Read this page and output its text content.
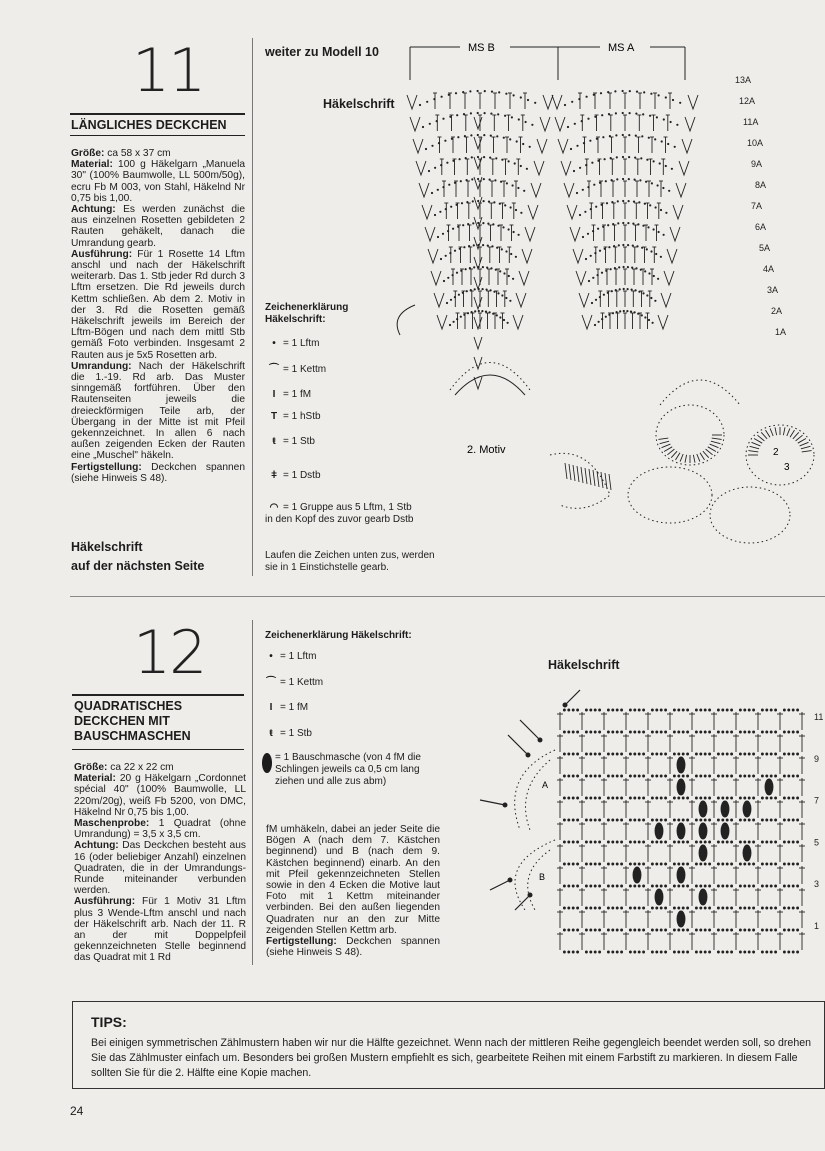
11
LÄNGLICHES DECKCHEN
Größe: ca 58 x 37 cm
Material: 100 g Häkelgarn „Manuela 30" (100% Baumwolle, LL 500m/50g), ecru Fb M 003, von Stahl, Häkelnd Nr 0,75 bis 1,00.
Achtung: Es werden zunächst die aus einzelnen Rosetten gebildeten 2 Rauten gehäkelt, danach die Umrandung gearb.
Ausführung: Für 1 Rosette 14 Lftm anschl und nach der Häkelschrift weiterarb. Das 1. Stb jeder Rd durch 3 Lftm ersetzen. Die Rd jeweils durch Kettm schließen. Ab dem 2. Motiv in der 3. Rd die Rosetten gemäß Häkelschrift jeweils im Bereich der Lftm-Bögen und nach dem mittl Stb gemäß Foto verbinden. Insgesamt 2 Rauten aus je 5x5 Rosetten arb.
Umrandung: Nach der Häkelschrift die 1.-19. Rd arb. Das Muster sinngemäß fortführen. Über den Rautenseiten jeweils die dreieckförmigen Teile arb, der Übergang in der Mitte ist mit Pfeil gekennzeichnet. In allen 6 nach außen zeigenden Ecken der Rauten eine „Muschel" häkeln.
Fertigstellung: Deckchen spannen (siehe Hinweis S 48).
Häkelschrift
auf der nächsten Seite
weiter zu Modell 10
Häkelschrift
MS B	MS A
1A
2A
3A
4A
5A
6A
7A
8A
9A
10A
11A
12A
13A
2. Motiv	2
3
Zeichenerklärung Häkelschrift:
• = 1 Lftm
⌒ = 1 Kettm
I = 1 fM
T = 1 hStb
ŧ = 1 Stb
ǂ = 1 Dstb
◠ = 1 Gruppe aus 5 Lftm, 1 Stb in den Kopf des zuvor gearb Dstb
Laufen die Zeichen unten zus, werden sie in 1 Einstichstelle gearb.
12
QUADRATISCHES
DECKCHEN MIT
BAUSCHMASCHEN
Größe: ca 22 x 22 cm
Material: 20 g Häkelgarn „Cordonnet spécial 40" (100% Baumwolle, LL 220m/20g), weiß Fb 5200, von DMC, Häkelnd Nr 0,75 bis 1,00.
Maschenprobe: 1 Quadrat (ohne Umrandung) = 3,5 x 3,5 cm.
Achtung: Das Deckchen besteht aus 16 (oder beliebiger Anzahl) einzelnen Quadraten, die in der Umrandungs-Runde miteinander verbunden werden.
Ausführung: Für 1 Motiv 31 Lftm plus 3 Wende-Lftm anschl und nach der Häkelschrift arb. Nach der 11. R an der mit Doppelpfeil gekennzeichneten Stelle beginnend das Quadrat mit 1 Rd
Zeichenerklärung Häkelschrift:
• = 1 Lftm
⌒ = 1 Kettm
I = 1 fM
ŧ = 1 Stb
= 1 Bauschmasche (von 4 fM die Schlingen jeweils ca 0,5 cm lang ziehen und alle zus abm)
fM umhäkeln, dabei an jeder Seite die Bögen A (nach dem 7. Kästchen beginnend) und B (nach dem 9. Kästchen beginnend) einarb. An den mit Pfeil gekennzeichneten Stellen sowie in den 4 Ecken die Motive laut Foto mit 1 Kettm miteinander verbinden. Bei den außen liegenden Quadraten nur an den zur Mitte zeigenden Stellen Kettm arb.
Fertigstellung: Deckchen spannen (siehe Hinweis S 48).
Häkelschrift
11
9
7
5
3
1
B
A
TIPS:
Bei einigen symmetrischen Zählmustern haben wir nur die Hälfte gezeichnet. Wenn nach der mittleren Reihe gegengleich beendet werden soll, so drehen Sie das Zählmuster einfach um. Besonders bei großen Mustern empfiehlt es sich, gearbeitete Reihen mit einem Farbstift zu markieren. In diesem Falle sollten Sie für die 2. Hälfte eine Kopie machen.
24
